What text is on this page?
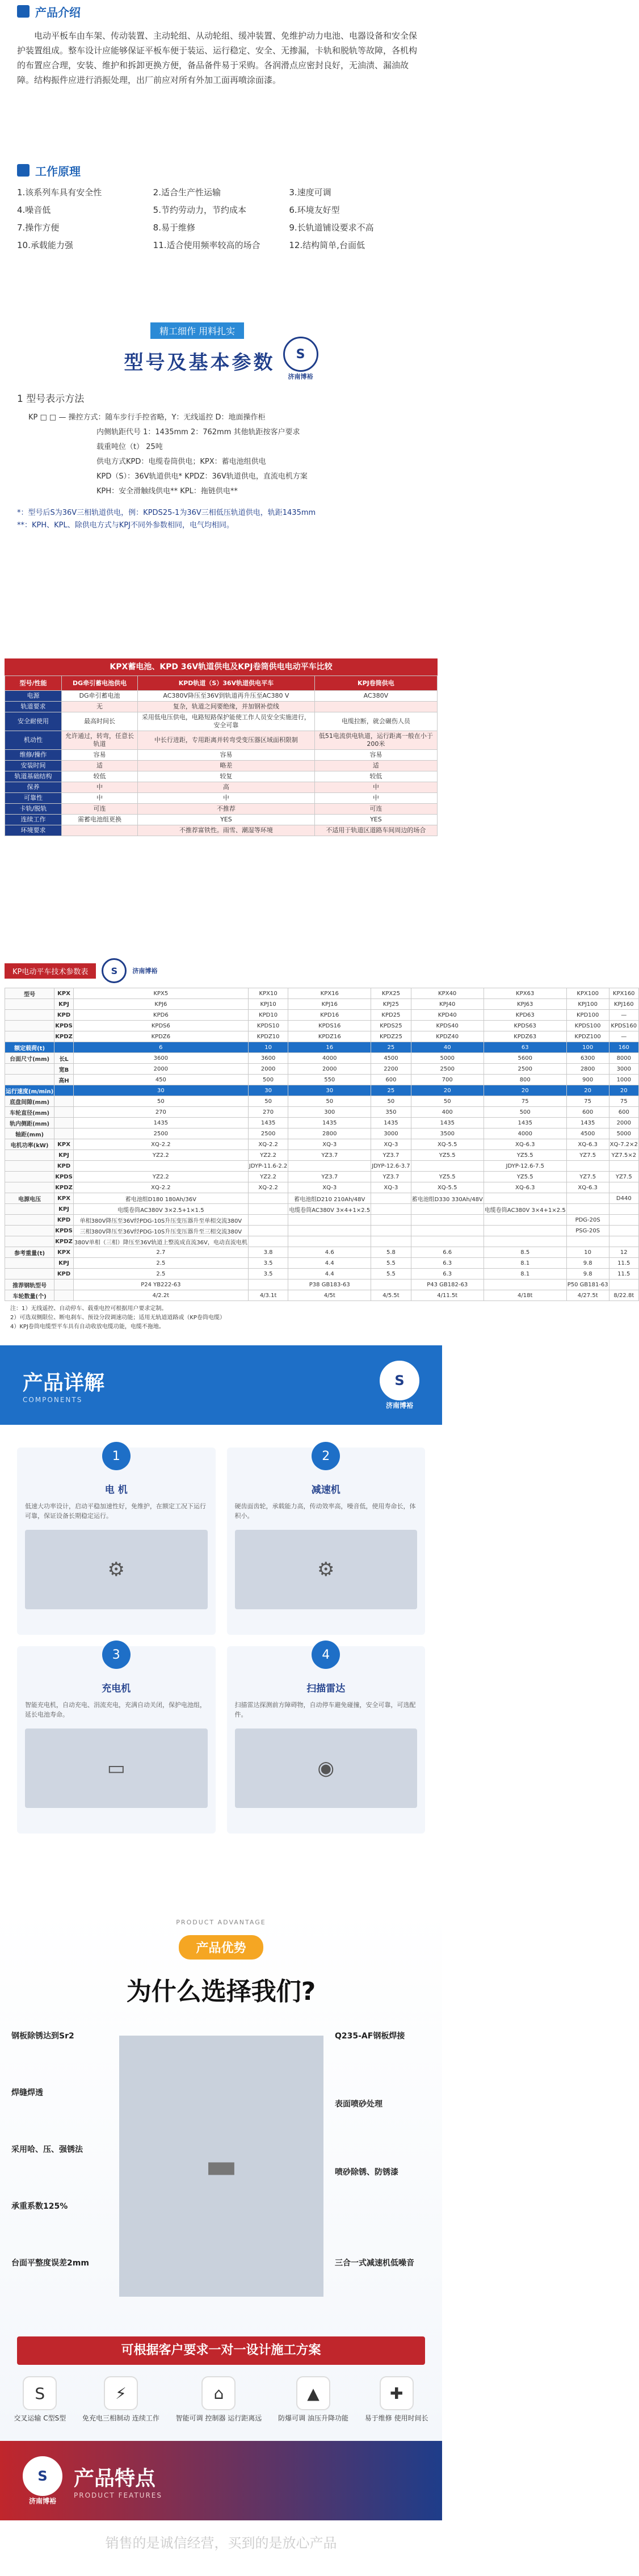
产品介绍

电动平板车由车架、传动装置、主动轮组、从动轮组、缓冲装置、免维护动力电池、电器设备和安全保护装置组成。整车设计应能够保证平板车便于装运、运行稳定、安全、无掺漏，卡轨和脱轨等故障，各机构的布置应合理，安装、维护和拆卸更换方便，备品备件易于采购。各润滑点应密封良好，无油渍、漏油故障。结构振件应进行消振处理，出厂前应对所有外加工面再喷涂面漆。

工作原理
1.该系列车具有安全性	2.适合生产性运输	3.速度可调
4.噪音低	5.节约劳动力，节约成本	6.环境友好型
7.操作方便	8.易于维修	9.长轨道铺设要求不高
10.承载能力强	11.适合使用频率较高的场合	12.结构简单,台面低
精工细作 用料扎实
型号及基本参数	S
济南博裕
1 型号表示方法
KP □ □ — 操控方式：随车步行手控省略，Y：无线遥控 D：地面操作柜
内侧轨距代号 1：1435mm 2：762mm 其他轨距按客户要求
载重吨位（t） 25吨
供电方式KPD：电缆卷筒供电；KPX：蓄电池组供电
KPD（S）：36V轨道供电* KPDZ：36V轨道供电，直流电机方案
KPH：安全滑触线供电** KPL：拖链供电**
*：型号后S为36V三相轨道供电，例：KPDS25-1为36V三相低压轨道供电，轨距1435mm
**：KPH、KPL、除供电方式与KPJ不同外参数相同，电气均相同。
KPX蓄电池、KPD 36V轨道供电及KPJ卷筒供电电动平车比较
型号/性能	DG牵引蓄电池供电	KPD轨道（S）36V轨道供电平车	KPJ卷筒供电
电源	DG牵引蓄电池	AC380V降压至36V到轨道再升压至AC380 V	AC380V
轨道要求	无	复杂，轨道之间要绝缘，并加钢补偿线	
安全耐使用	最高时间长	采用低电压供电，电路短路保护能使工作人员安全实施进行，安全可靠	电缆拉断，就会碾伤人员
机动性	允许通过，转弯，任意长轨道	中长行进距，专用距离并转弯受变压器区域面积限制	低51电流供电轨道，运行距离一般在小于200米
维修/操作	容易	容易	容易
安装时间	适	略差	适
轨道基础结构	较低	较复	较低
保养	中	高	中
可靠性	中	中	中
卡轨/脱轨	可连	不推荐	可连
连续工作	需蓄电池组更换	YES	YES
环境要求		不推荐富铁性。雨雪、潮湿等环境	不适用于轨道区道路车间周边的场合
KP电动平车技术参数表	S	济南博裕
型号	KPX	KPX5	KPX10	KPX16	KPX25	KPX40	KPX63	KPX100	KPX160
	KPJ	KPJ6	KPJ10	KPJ16	KPJ25	KPJ40	KPJ63	KPJ100	KPJ160
	KPD	KPD6	KPD10	KPD16	KPD25	KPD40	KPD63	KPD100	—
	KPDS	KPDS6	KPDS10	KPDS16	KPDS25	KPDS40	KPDS63	KPDS100	KPDS160
	KPDZ	KPDZ6	KPDZ10	KPDZ16	KPDZ25	KPDZ40	KPDZ63	KPDZ100	—
额定载荷(t)		6	10	16	25	40	63	100	160
台面尺寸(mm)	长L	3600	3600	4000	4500	5000	5600	6300	8000
	宽B	2000	2000	2000	2200	2500	2500	2800	3000
	高H	450	500	550	600	700	800	900	1000
运行速度(m/min)		30	30	30	25	20	20	20	20
底盘间隙(mm)		50	50	50	50	50	75	75	75
车轮直径(mm)		270	270	300	350	400	500	600	600
轨内侧距(mm)		1435	1435	1435	1435	1435	1435	1435	2000
轴距(mm)		2500	2500	2800	3000	3500	4000	4500	5000
电机功率(kW)	KPX	XQ-2.2	XQ-2.2	XQ-3	XQ-3	XQ-5.5	XQ-6.3	XQ-6.3	XQ-7.2×2
	KPJ	YZ2.2	YZ2.2	YZ3.7	YZ3.7	YZ5.5	YZ5.5	YZ7.5	YZ7.5×2
	KPD		JDYP-11.6-2.2		JDYP-12.6-3.7		JDYP-12.6-7.5		
	KPDS	YZ2.2	YZ2.2	YZ3.7	YZ3.7	YZ5.5	YZ5.5	YZ7.5	YZ7.5
	KPDZ	XQ-2.2	XQ-2.2	XQ-3	XQ-3	XQ-5.5	XQ-6.3	XQ-6.3	
电源电压	KPX	蓄电池组D180 180Ah/36V		蓄电池组D210 210Ah/48V		蓄电池组D330 330Ah/48V			D440
	KPJ	电缆卷筒AC380V 3×2.5+1×1.5		电缆卷筒AC380V 3×4+1×2.5			电缆卷筒AC380V 3×4+1×2.5		
	KPD	单相380V降压至36V经PDG-10S升压变压器升至单相交流380V						PDG-20S	
	KPDS	三相380V降压至36V经PDG-10S升压变压器升至三相交流380V						PSG-20S	
	KPDZ	380V单相（三相）降压至36V轨道上整流成直流36V，电动直流电机							
参考重量(t)	KPX	2.7	3.8	4.6	5.8	6.6	8.5	10	12
	KPJ	2.5	3.5	4.4	5.5	6.3	8.1	9.8	11.5
	KPD	2.5	3.5	4.4	5.5	6.3	8.1	9.8	11.5
推荐钢轨型号		P24 YB222-63		P38 GB183-63		P43 GB182-63		P50 GB181-63	
车轮数量(个)		4/2.2t	4/3.1t	4/5t	4/5.5t	4/11.5t	4/18t	4/27.5t	8/22.8t
注：1）无线遥控、自动停车、载重电控可根据用户要求定制。
2）可选双侧限位、断电刹车、预设分段调速功能；适用无轨道道路或（KP卷筒电缆）
4）KPJ卷筒电缆型平车具有自动收放电缆功能，电缆不拖地。
产品详解
COMPONENTS
S
济南博裕
1
电 机
低速大功率设计，启动平稳加速性好，免维护，在额定工况下运行可靠，保证设备长期稳定运行。
⚙
2
减速机
硬齿面齿轮，承载能力高，传动效率高，噪音低，使用寿命长，体积小。
⚙
3
充电机
智能充电机，自动充电、涓流充电，充满自动关闭，保护电池组，延长电池寿命。
▭
4
扫描雷达
扫描雷达探测前方障碍物，自动停车避免碰撞，安全可靠，可选配件。
◉
PRODUCT ADVANTAGE
产品优势
为什么选择我们?
▬
钢板除锈达到Sr2
焊缝焊透
采用哈、压、强锈法
承重系数125%
台面平整度误差2mm
Q235-AF钢板焊接
表面喷砂处理
喷砂除锈、防锈漆
三合一式减速机低噪音
可根据客户要求一对一设计施工方案
S
交叉运输 C型S型
⚡
免充电三相制动 连续工作
⌂
智能可调 控制器 运行距离远
▲
防爆可调 油压升降功能
✚
易于维修 使用时间长
S
济南博裕
产品特点
PRODUCT FEATURES
销售的是诚信经营，买到的是放心产品
